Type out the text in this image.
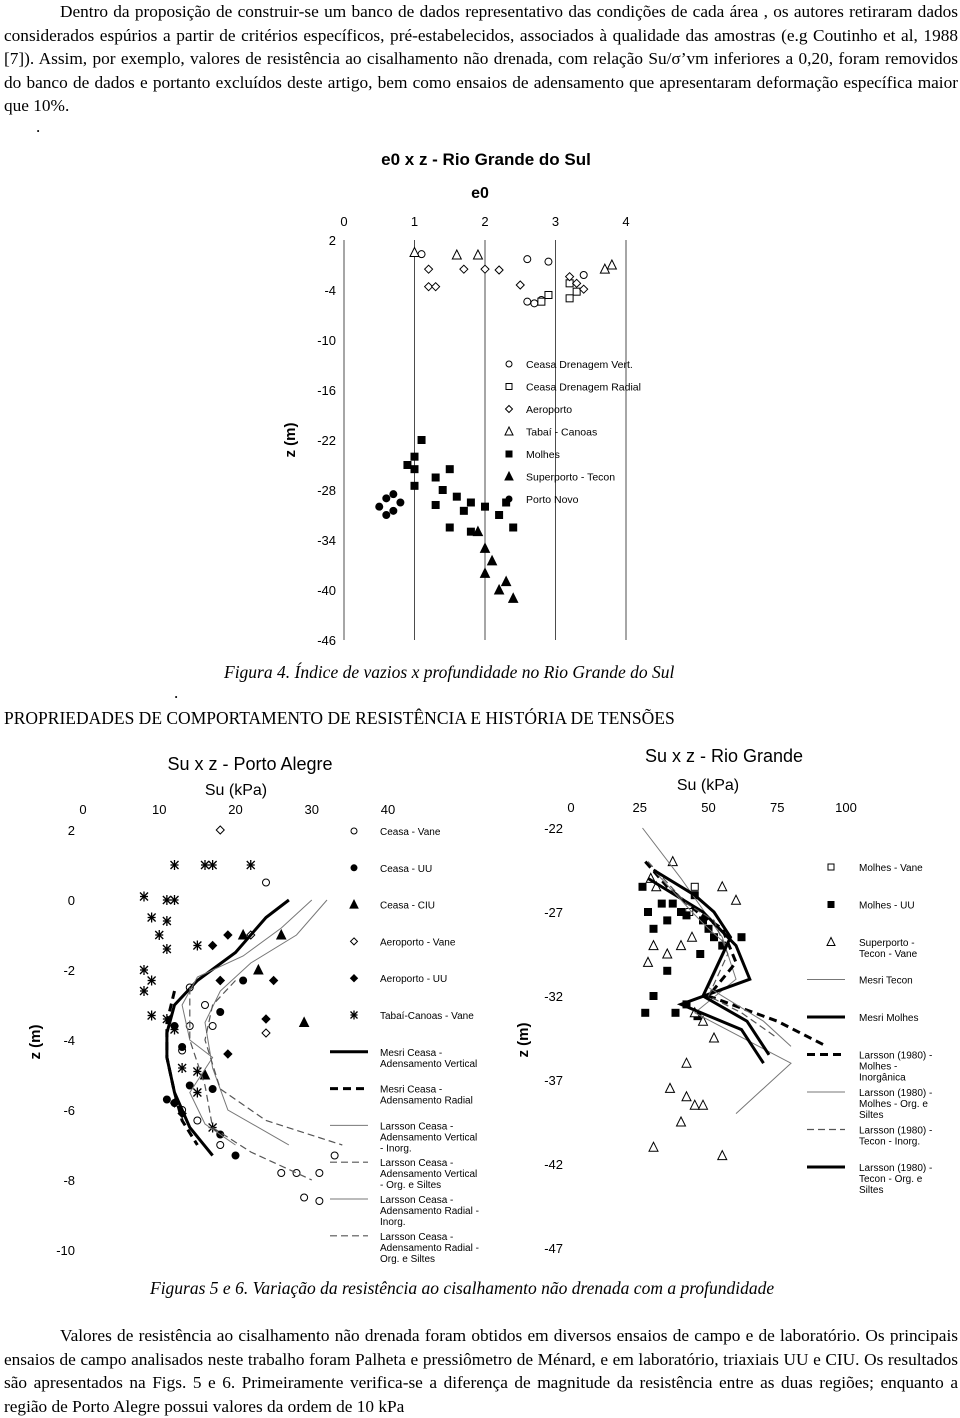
Dentro da proposição de construir-se um banco de dados representativo das condições de cada área , os autores retiraram dados considerados espúrios a partir de critérios específicos, pré-estabelecidos, associados à qualidade das amostras (e.g Coutinho et al, 1988 [7]). Assim, por exemplo, valores de resistência ao cisalhamento não drenada, com relação Su/σ’vm inferiores a 0,20, foram removidos do banco de dados e portanto excluídos deste artigo, bem como ensaios de adensamento que apresentaram deformação específica maior que 10%.

.
0	1	2	3	4
2
-4
-10
-16
-22
-28
-34
-40
-46
e0 x z - Rio Grande do Sul
e0
z (m)
Ceasa Drenagem Vert.
Ceasa Drenagem Radial
Aeroporto
Tabaí - Canoas
Molhes
Superporto - Tecon
Porto Novo
0	10	20	30	40
2
0
-2
-4
-6
-8
-10
Su x z - Porto Alegre
Su (kPa)
z (m)
Ceasa - Vane
Ceasa - UU
Ceasa - CIU
Aeroporto - Vane
Aeroporto - UU
Tabaí-Canoas - Vane
Mesri Ceasa -Adensamento Vertical
Mesri Ceasa -Adensamento Radial
Larsson Ceasa -Adensamento Vertical - Inorg.
Larsson Ceasa -Adensamento Vertical - Org. e Siltes
Larsson Ceasa -Adensamento Radial -Inorg.
Larsson Ceasa -Adensamento Radial -Org. e Siltes
0	25	50	75	100
-22
-27
-32
-37
-42
-47
Su x z - Rio Grande
Su (kPa)
z (m)
Molhes - Vane
Molhes - UU
Superporto -Tecon - Vane
Mesri Tecon
Mesri Molhes
Larsson (1980) -Molhes -Inorgânica
Larsson (1980) -Molhes - Org. e Siltes
Larsson (1980) -Tecon - Inorg.
Larsson (1980) -Tecon - Org. e Siltes
Figura 4. Índice de vazios x profundidade no Rio Grande do Sul
.
PROPRIEDADES DE COMPORTAMENTO DE RESISTÊNCIA E HISTÓRIA DE TENSÕES
Figuras 5 e 6. Variação da resistência ao cisalhamento não drenada com a profundidade

Valores de resistência ao cisalhamento não drenada foram obtidos em diversos ensaios de campo e de laboratório. Os principais ensaios de campo analisados neste trabalho foram Palheta e pressiômetro de Ménard, e em laboratório, triaxiais UU e CIU. Os resultados são apresentados na Figs. 5 e 6. Primeiramente verifica-se a diferença de magnitude da resistência entre as duas regiões; enquanto a região de Porto Alegre possui valores da ordem de 10 kPa
